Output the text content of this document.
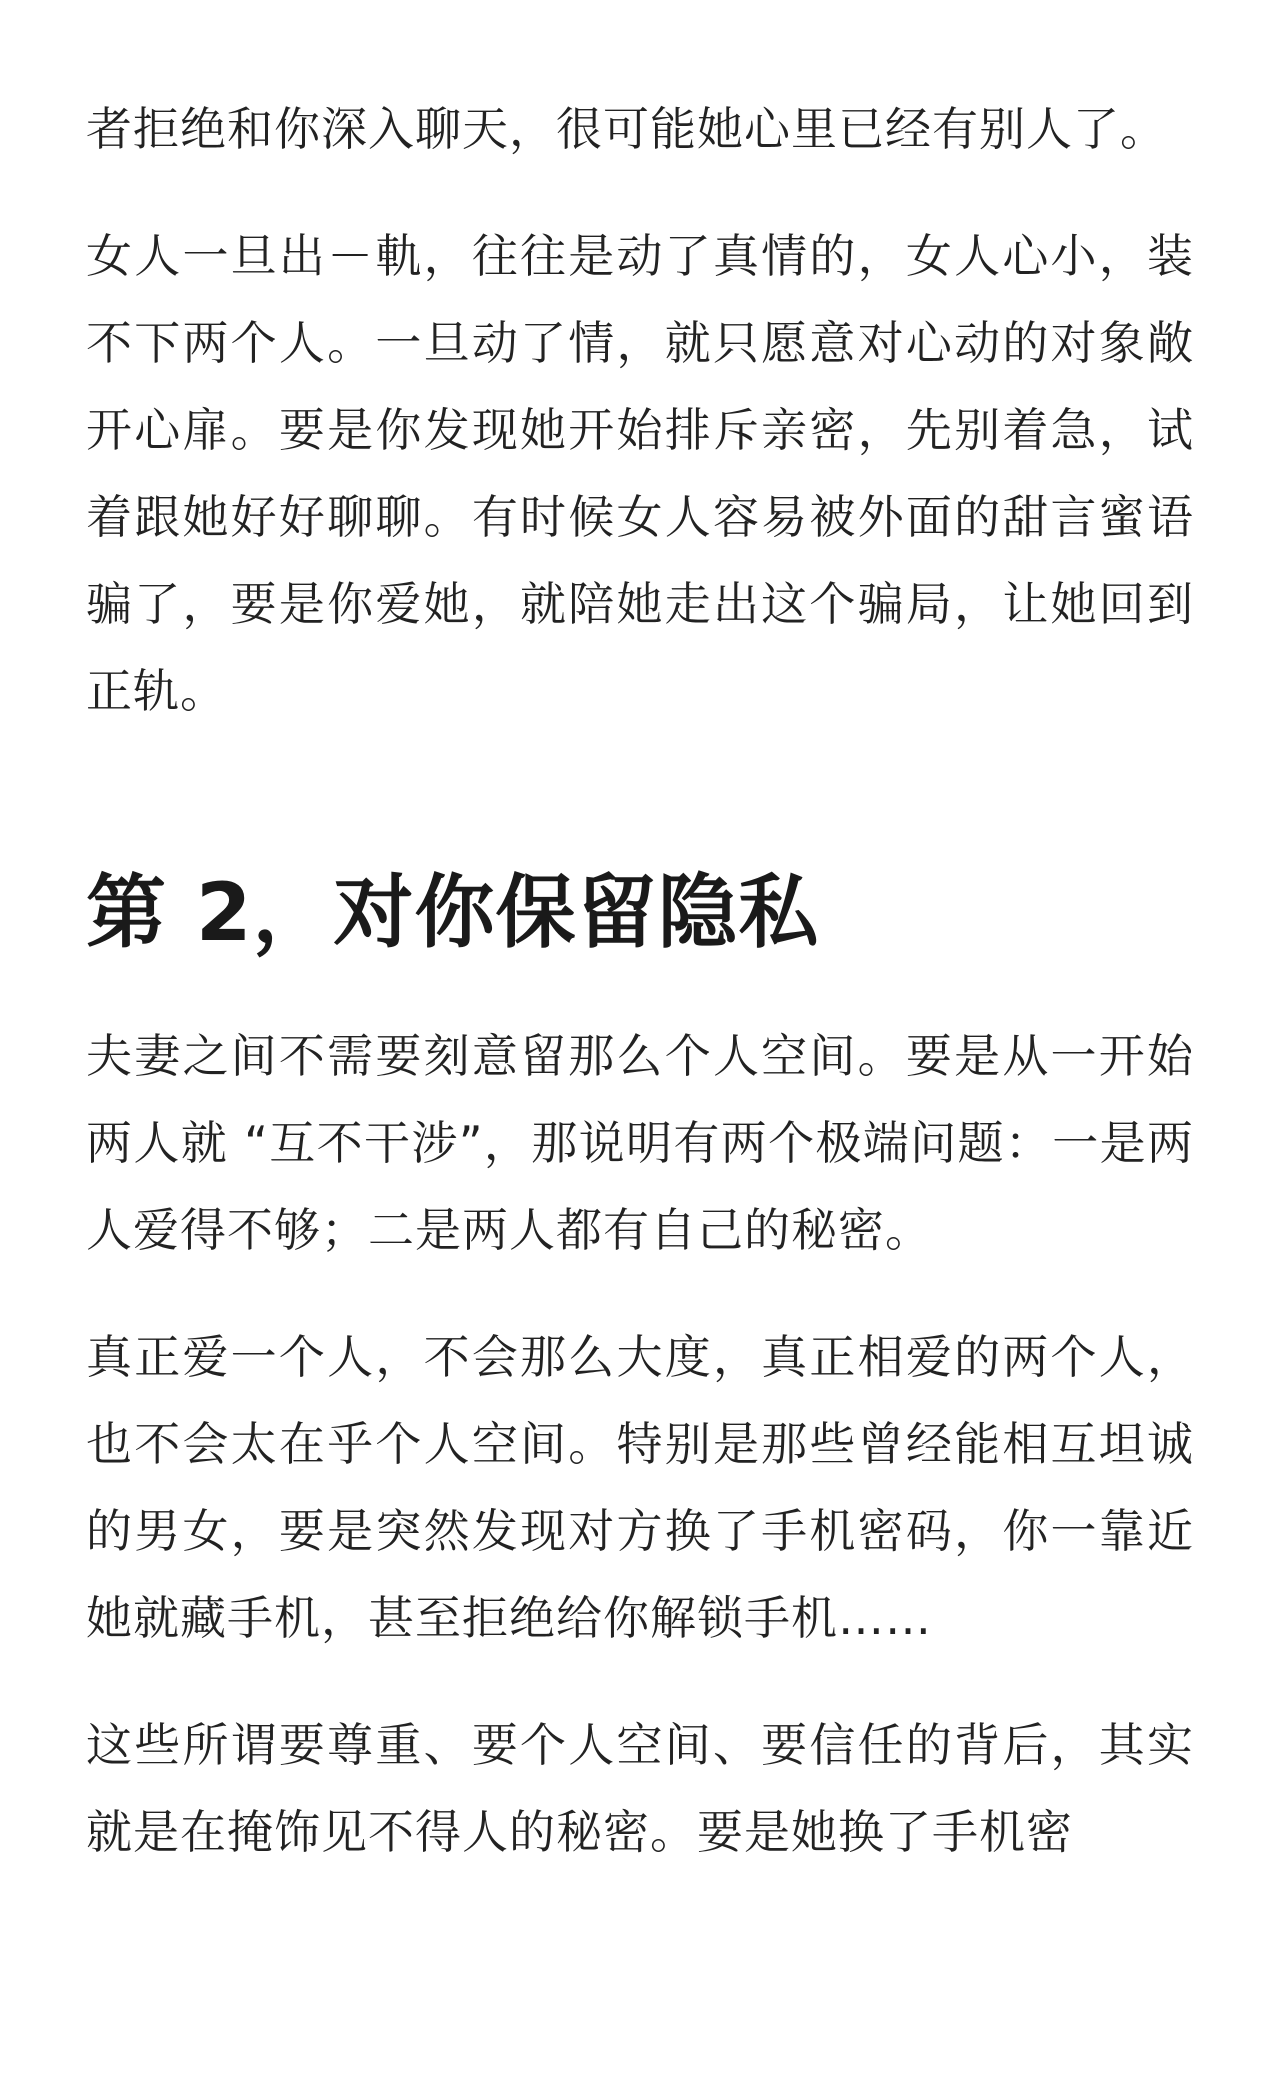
者拒绝和你深入聊天，很可能她心里已经有别人了。

女人一旦出－軌，往往是动了真情的，女人心小，装不下两个人。一旦动了情，就只愿意对心动的对象敞开心扉。要是你发现她开始排斥亲密，先别着急，试着跟她好好聊聊。有时候女人容易被外面的甜言蜜语骗了，要是你爱她，就陪她走出这个骗局，让她回到正轨。

第 2，对你保留隐私

夫妻之间不需要刻意留那么个人空间。要是从一开始两人就 “互不干涉”，那说明有两个极端问题：一是两人爱得不够；二是两人都有自己的秘密。

真正爱一个人，不会那么大度，真正相爱的两个人，也不会太在乎个人空间。特别是那些曾经能相互坦诚的男女，要是突然发现对方换了手机密码，你一靠近她就藏手机，甚至拒绝给你解锁手机……

这些所谓要尊重、要个人空间、要信任的背后，其实就是在掩饰见不得人的秘密。要是她换了手机密
